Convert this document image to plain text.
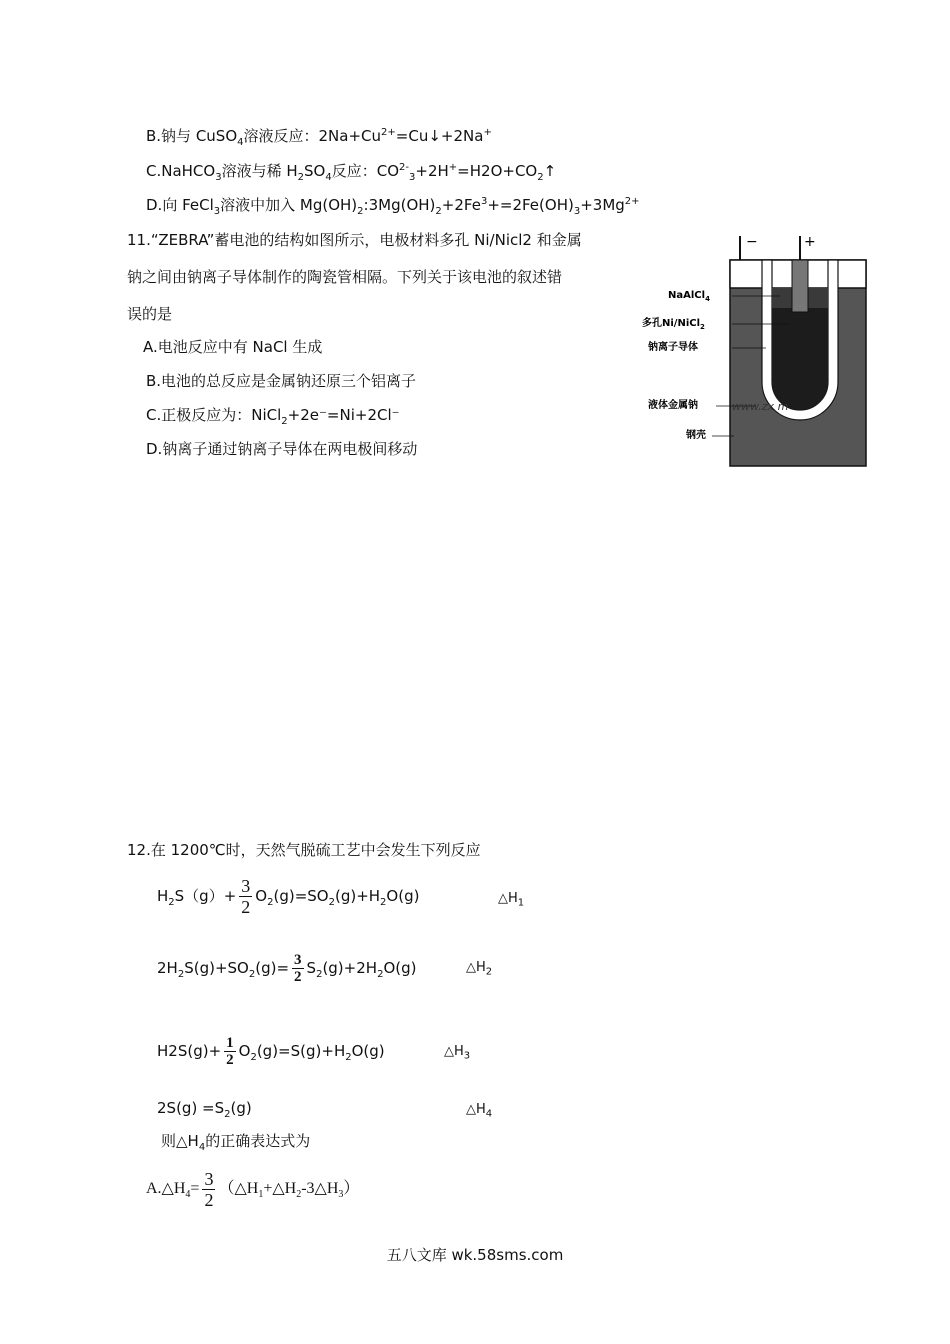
B.钠与 CuSO$_4$溶液反应：$2Na+Cu^{2+}=Cu↓+2Na^+$
C.NaHCO$_3$溶液与稀 $H_2SO_4$反应：$CO^{2-}_3+2H^+=H2O+CO_2↑$
D.向 FeCl$_3$溶液中加入 $Mg(OH)_2:3Mg(OH)_2+2Fe^3+=2Fe(OH)_3+3Mg^{2+}$
11.“ZEBRA”蓄电池的结构如图所示，电极材料多孔 Ni/Nicl2 和金属
钠之间由钠离子导体制作的陶瓷管相隔。下列关于该电池的叙述错
误的是
A.电池反应中有 NaCl 生成
B.电池的总反应是金属钠还原三个铝离子
C.正极反应为：NiCl$_2$+2e⁻=Ni+2Cl⁻
D.钠离子通过钠离子导体在两电极间移动
−	+
NaAlCl$_4$
多孔Ni/NiCl$_2$
钠离子导体
液体金属钠
钢壳
www.zx m
12.在 1200℃时，天然气脱硫工艺中会发生下列反应
$H_2S(g)+ \frac{3}{2} O_2(g)=SO_2(g)+H_2O(g)$	$\triangle H_1$
$2H_2S(g)+SO_2(g)= \frac{3}{2} S_2(g)+2H_2O(g)$	$\triangle H_2$
$H2S(g)+ \frac{1}{2} O_2(g)=S(g)+H_2O(g)$	$\triangle H_3$
$2S(g) =S_2(g)$	$\triangle H_4$
则$\triangle H_4$的正确表达式为
$A.\triangle H_4= \frac{3}{2}$ $(\triangle H_1+\triangle H_2-3\triangle H_3)$
五八文库 wk.58sms.com
